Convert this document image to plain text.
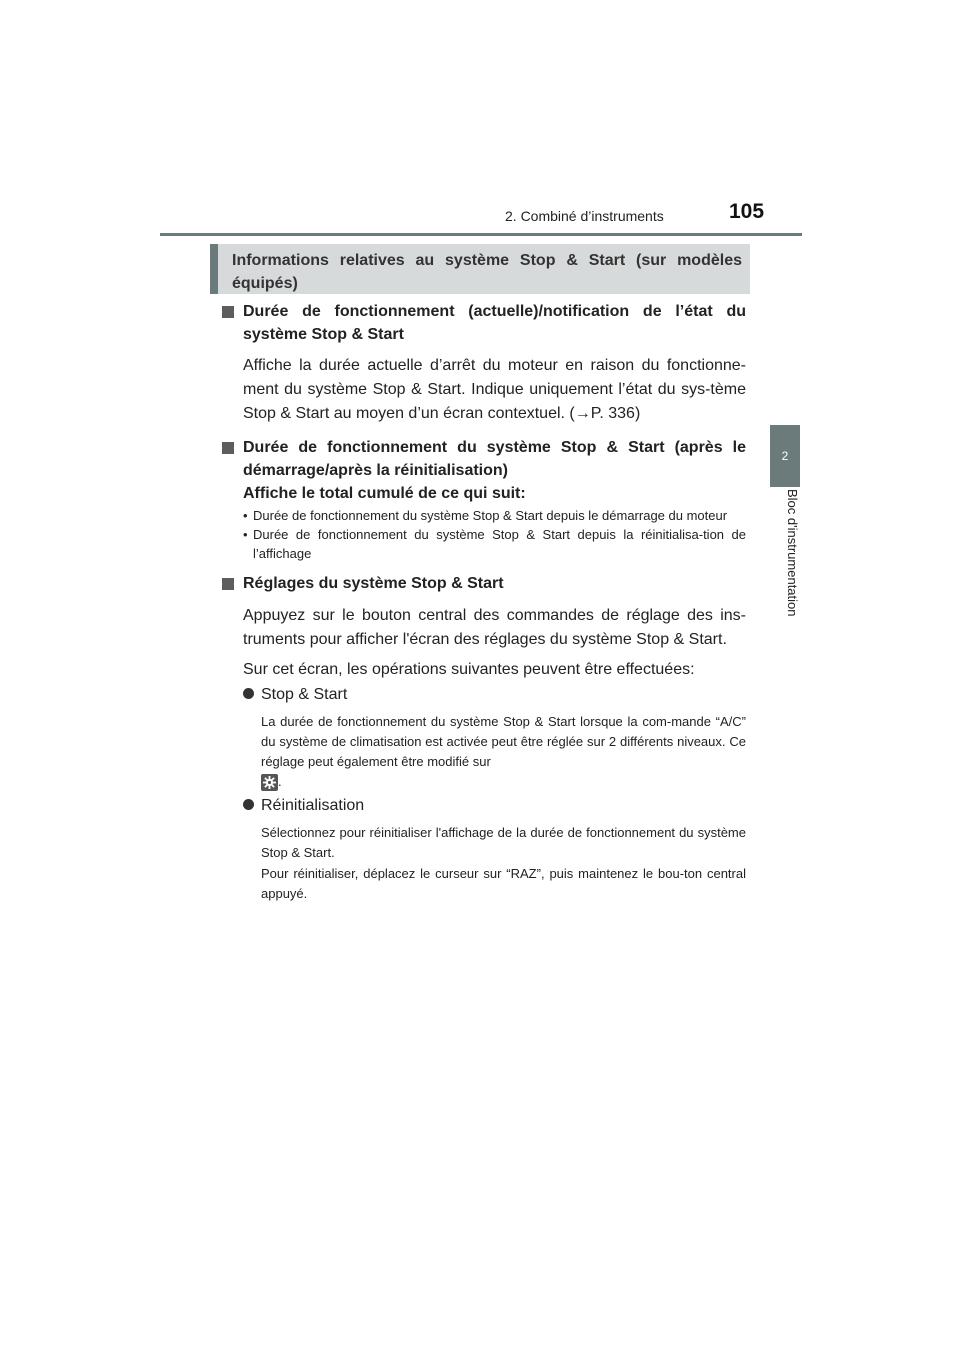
2. Combiné d’instruments	105
2
Bloc d'instrumentation
Informations relatives au système Stop & Start (sur modèles équipés)

Durée de fonctionnement (actuelle)/notification de l’état du système Stop & Start

Affiche la durée actuelle d’arrêt du moteur en raison du fonctionne-ment du système Stop & Start. Indique uniquement l’état du sys-tème Stop & Start au moyen d’un écran contextuel. (→P. 336)

Durée de fonctionnement du système Stop & Start (après le démarrage/après la réinitialisation)

Affiche le total cumulé de ce qui suit:

• Durée de fonctionnement du système Stop & Start depuis le démarrage du moteur

• Durée de fonctionnement du système Stop & Start depuis la réinitialisa-tion de l’affichage

Réglages du système Stop & Start

Appuyez sur le bouton central des commandes de réglage des ins-truments pour afficher l'écran des réglages du système Stop & Start.

Sur cet écran, les opérations suivantes peuvent être effectuées:

Stop & Start

La durée de fonctionnement du système Stop & Start lorsque la com-mande “A/C” du système de climatisation est activée peut être réglée sur 2 différents niveaux. Ce réglage peut également être modifié sur

.

Réinitialisation

Sélectionnez pour réinitialiser l'affichage de la durée de fonctionnement du système Stop & Start.

Pour réinitialiser, déplacez le curseur sur “RAZ”, puis maintenez le bou-ton central appuyé.
